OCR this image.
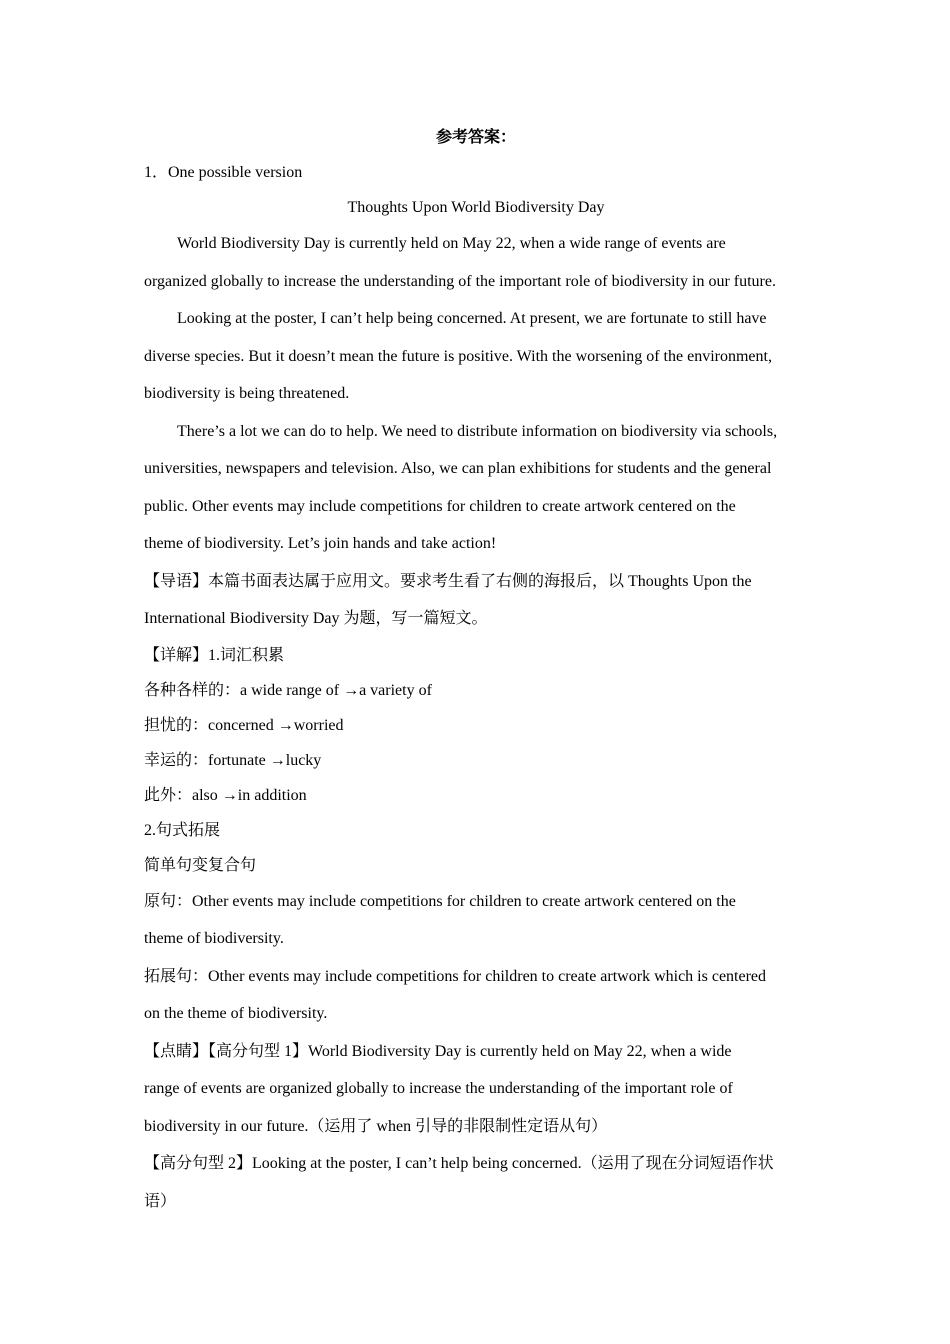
参考答案：
1．One possible version
Thoughts Upon World Biodiversity Day
World Biodiversity Day is currently held on May 22, when a wide range of events are
organized globally to increase the understanding of the important role of biodiversity in our future.
Looking at the poster, I can’t help being concerned. At present, we are fortunate to still have
diverse species. But it doesn’t mean the future is positive. With the worsening of the environment,
biodiversity is being threatened.
There’s a lot we can do to help. We need to distribute information on biodiversity via schools,
universities, newspapers and television. Also, we can plan exhibitions for students and the general
public. Other events may include competitions for children to create artwork centered on the
theme of biodiversity. Let’s join hands and take action!
【导语】本篇书面表达属于应用文。要求考生看了右侧的海报后，以 Thoughts Upon the
International Biodiversity Day 为题，写一篇短文。
【详解】1.词汇积累
各种各样的：a wide range of →a variety of
担忧的：concerned →worried
幸运的：fortunate →lucky
此外：also →in addition
2.句式拓展
简单句变复合句
原句：Other events may include competitions for children to create artwork centered on the
theme of biodiversity.
拓展句：Other events may include competitions for children to create artwork which is centered
on the theme of biodiversity.
【点睛】【高分句型 1】World Biodiversity Day is currently held on May 22, when a wide
range of events are organized globally to increase the understanding of the important role of
biodiversity in our future.（运用了 when 引导的非限制性定语从句）
【高分句型 2】Looking at the poster, I can’t help being concerned.（运用了现在分词短语作状
语）
